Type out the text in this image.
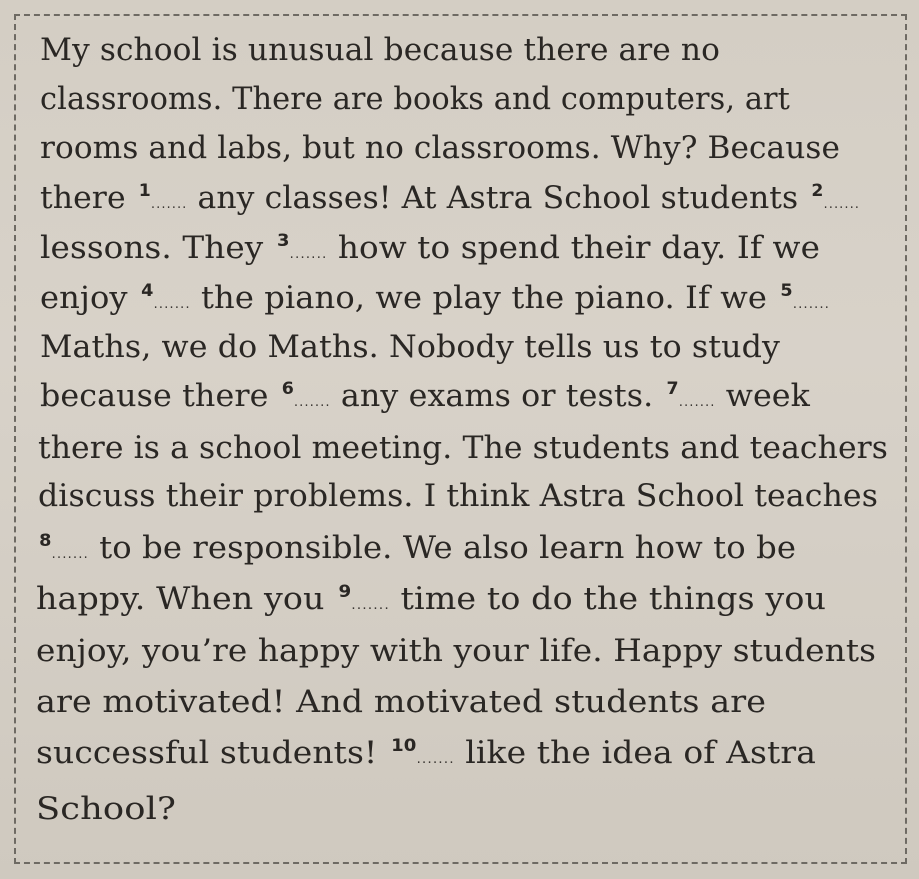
My school is unusual because there are no
classrooms. There are books and computers, art
rooms and labs, but no classrooms. Why? Because
there $^1$....... any classes! At Astra School students $^2$.......
lessons. They $^3$....... how to spend their day. If we
enjoy $^4$....... the piano, we play the piano. If we $^5$.......
Maths, we do Maths. Nobody tells us to study
because there $^6$....... any exams or tests. $^7$....... week
there is a school meeting. The students and teachers
discuss their problems. I think Astra School teaches
$^8$....... to be responsible. We also learn how to be
happy. When you $^9$....... time to do the things you
enjoy, you’re happy with your life. Happy students
are motivated! And motivated students are
successful students! $^{10}$....... like the idea of Astra
School?
